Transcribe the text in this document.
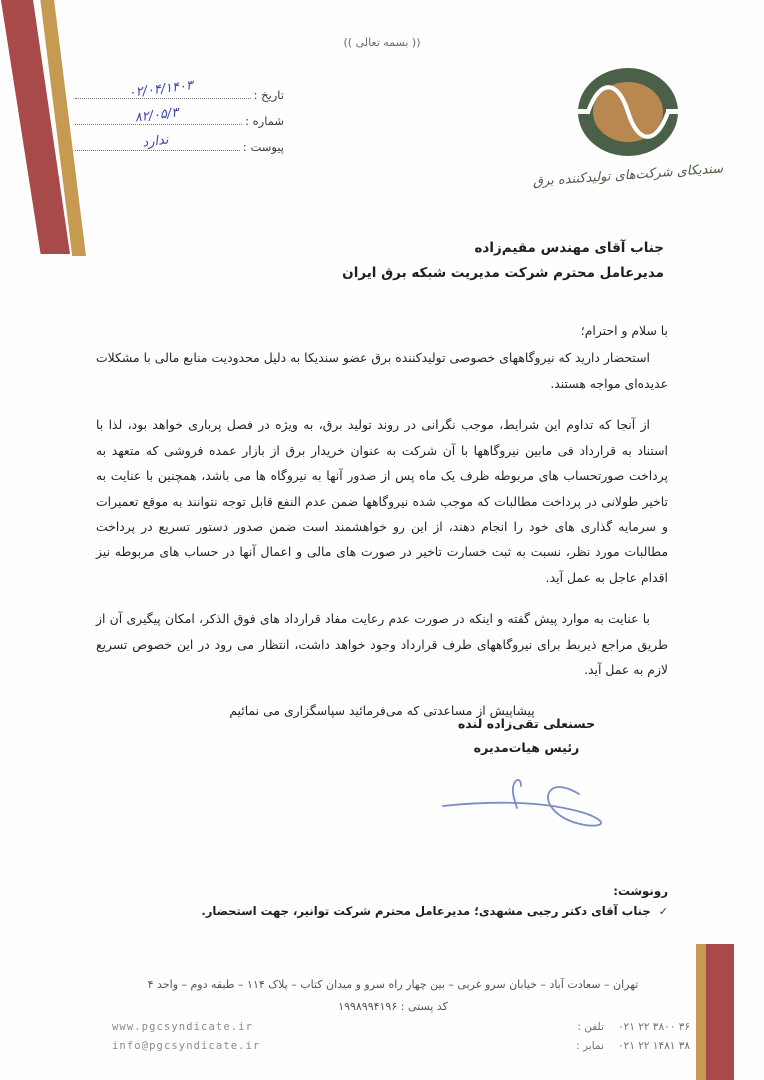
(( بسمه تعالی ))
سندیکای شرکت‌های تولیدکننده برق
تاریخ :
۰۲/۰۴/۱۴۰۳
شماره :
۸۲/۰۵/۳
پیوست :
ندارد
جناب آقای مهندس مقیم‌زاده
مدیرعامل محترم شرکت مدیریت شبکه برق ایران
با سلام و احترام؛

استحضار دارید که نیروگاههای خصوصی تولیدکننده برق عضو سندیکا به دلیل محدودیت منابع مالی با مشکلات عدیده‌ای مواجه هستند.

از آنجا که تداوم این شرایط، موجب نگرانی در روند تولید برق، به ویژه در فصل پرباری خواهد بود، لذا با استناد به قرارداد فی مابین نیروگاهها با آن شرکت به عنوان خریدار برق از بازار عمده فروشی که متعهد به پرداخت صورتحساب های مربوطه ظرف یک ماه پس از صدور آنها به نیروگاه ها می باشد، همچنین با عنایت به تاخیر طولانی در پرداخت مطالبات که موجب شده نیروگاهها ضمن عدم النفع قابل توجه نتوانند به موقع تعمیرات و سرمایه گذاری های خود را انجام دهند، از این رو خواهشمند است ضمن صدور دستور تسریع در پرداخت مطالبات مورد نظر، نسبت به ثبت خسارت تاخیر در صورت های مالی و اعمال آنها در حساب های مربوطه نیز اقدام عاجل به عمل آید.

با عنایت به موارد پیش گفته و اینکه در صورت عدم رعایت مفاد قرارداد های فوق الذکر، امکان پیگیری آن از طریق مراجع ذیربط برای نیروگاههای طرف قرارداد وجود خواهد داشت، انتظار می رود در این خصوص تسریع لازم به عمل آید.

پیشاپیش از مساعدتی که می‌فرمائید سپاسگزاری می نمائیم

حسنعلی تقی‌زاده لنده
رئیس هیات‌مدیره
رونوشت:
✓
جناب آقای دکتر رجبی مشهدی؛ مدیرعامل محترم شرکت توانیر، جهت استحضار.
تهران – سعادت آباد – خیابان سرو غربی – بین چهار راه سرو و میدان کتاب – پلاک ۱۱۴ – طبقه دوم – واحد ۴
کد پستی : ۱۹۹۸۹۹۴۱۹۶
www.pgcsyndicate.ir
info@pgcsyndicate.ir
۰۲۱ ۲۲ ۳۸۰۰ ۳۶
تلفن :
۰۲۱ ۲۲ ۱۴۸۱ ۳۸
نمابر :
